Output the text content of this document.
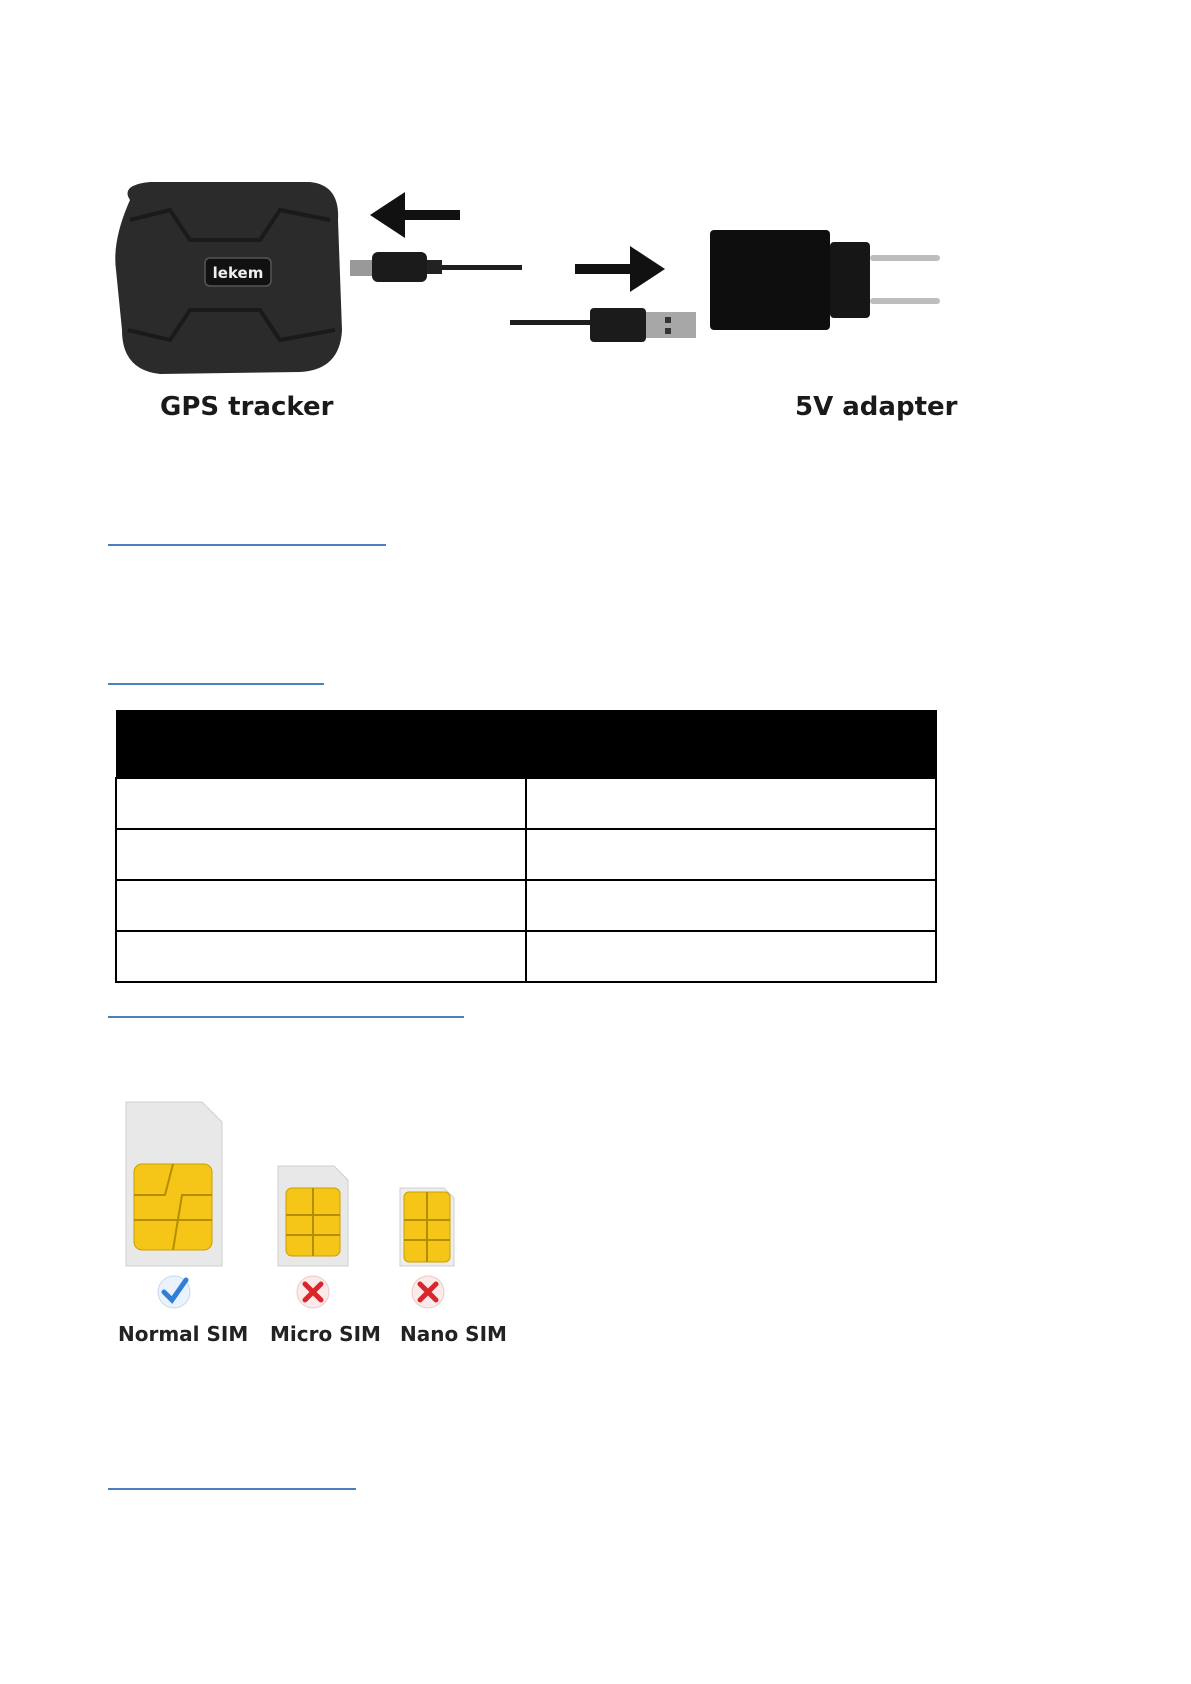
lekem
GPS tracker	5V adapter

Normal SIM Micro SIM Nano SIM
